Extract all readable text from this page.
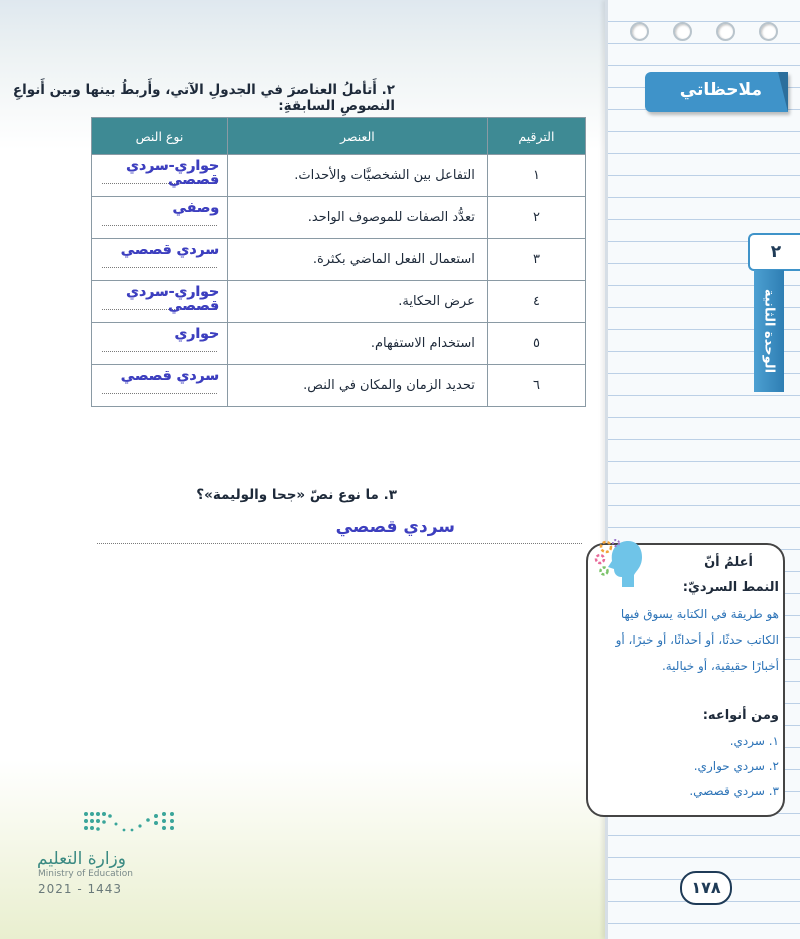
٢. أَتأملُ العناصرَ في الجدولِ الآتي، وأَربطُ بينها وبين أَنواعِ النصوصِ السابقةِ:
الترقيم	العنصر	نوع النص
١	التفاعل بين الشخصيَّات والأحداث.	حواري-سردي قصصي

٢	تعدُّد الصفات للموصوف الواحد.	وصفي

٣	استعمال الفعل الماضي بكثرة.	سردي قصصي

٤	عرض الحكاية.	حواري-سردي قصصي

٥	استخدام الاستفهام.	حواري

٦	تحديد الزمان والمكان في النص.	سردي قصصي
٣. ما نوع نصّ «جحا والوليمة»؟
سردي قصصي
وزارة التعليم
Ministry of Education
2021 - 1443
ملاحظاتي
٢
الوحدة الثانية
أعلمُ أنّ
النمط السرديّ:
هو طريقة في الكتابة يسوق فيها الكاتب حدثًا، أو أحداثًا، أو خبرًا، أو أخبارًا حقيقية، أو خيالية.
ومن أنواعه:
١. سردي.
٢. سردي حواري.
٣. سردي قصصي.
١٧٨
